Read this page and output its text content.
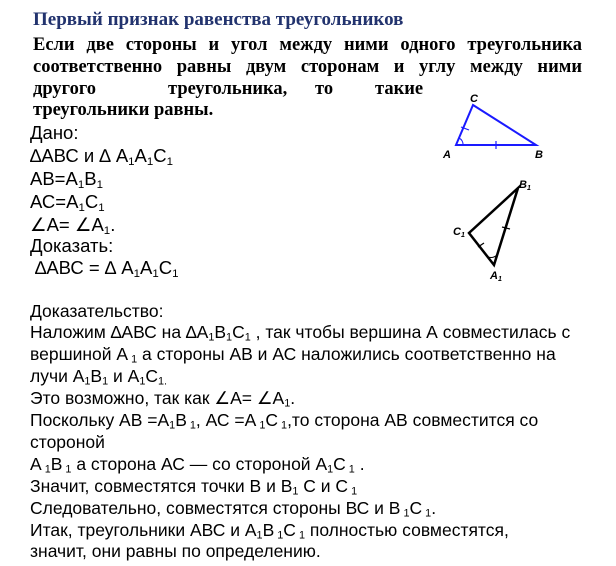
Первый признак равенства треугольников
Если две стороны и угол между ними одного треугольника
соответственно равны двум сторонам и углу между ними
другого	треугольника, то такие
треугольники равны.
Дано:
∆АВС и ∆ $А_1А_1С_1$
$АВ=А_1В_1$
$АС=А_1С_1$
∠А= $\angle А_1$.
Доказать:
∆АВС = ∆ $А_1А_1С_1$
Доказательство:
Наложим ∆АВС на $\Delta А_1В_1С_1$ , так чтобы вершина А совместилась с
вершиной А $_1$ а стороны АВ и АС наложились соответственно на
лучи $А_1В_1$ и $А_1С_{1.}$
Это возможно, так как ∠А= $\angle А_1$.
Поскольку АВ $=А_1В$ $_1$, АС =А $_1$С $_1$,то сторона АВ совместится со
стороной
А $_1$В $_1$ а сторона АС — со стороной $А_1С$ $_1$ .
Значит, совместятся точки В и $В_1$ С и С $_1$
Следовательно, совместятся стороны ВС и В $_1$С $_1$.
Итак, треугольники АВС и $А_1В$ $_1$С $_1$ полностью совместятся,
значит, они равны по определению.
A	B
C
B1
C1
A1
